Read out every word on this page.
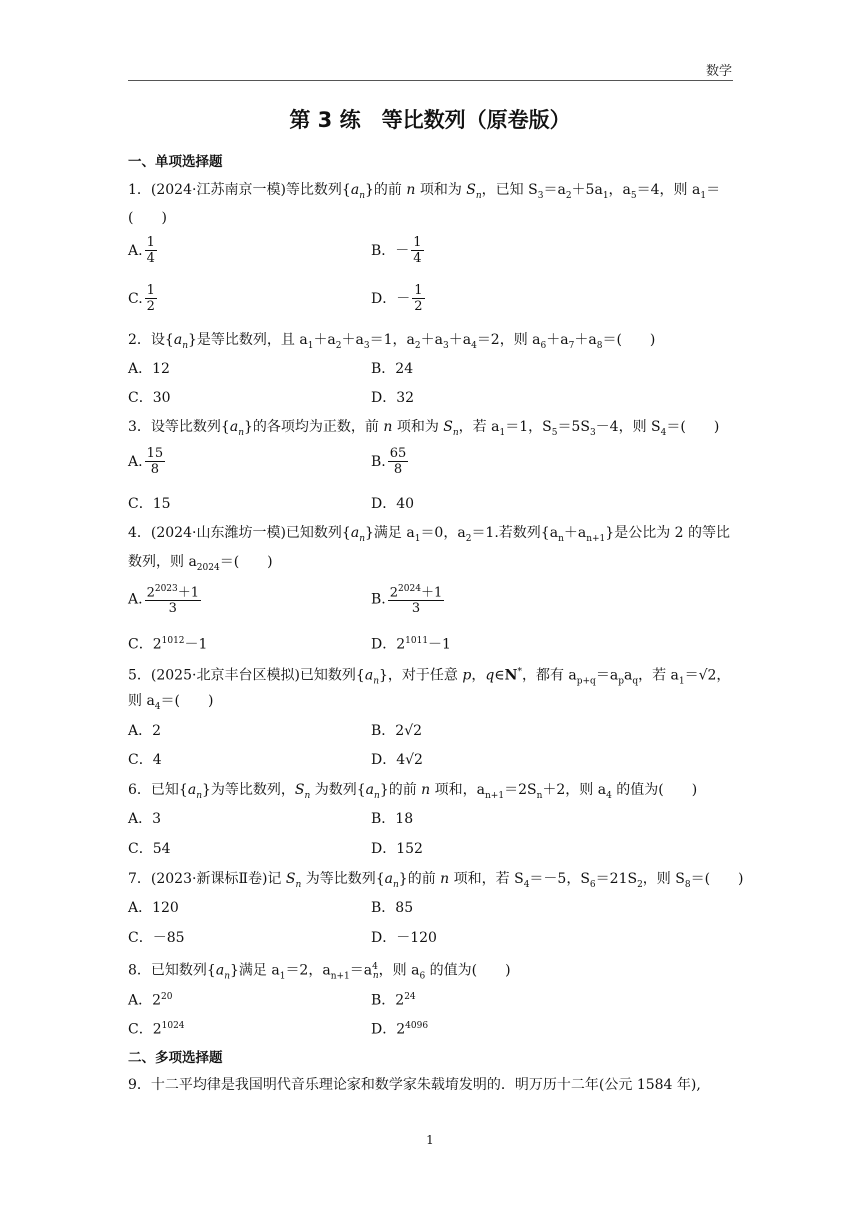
数学
第 3 练　等比数列（原卷版）
一、单项选择题
1．(2024·江苏南京一模)等比数列$\{a_n\}$的前 n 项和为 $S_n$，已知 $S_3=a_2+5a_1$，$a_5=4$，则 $a_1=$
(　　)
A. $\frac{1}{4}$	B．－ $\frac{1}{4}$
C. $\frac{1}{2}$	D．－ $\frac{1}{2}$
2．设$\{a_n\}$是等比数列，且 $a_1+a_2+a_3=1$，$a_2+a_3+a_4=2$，则 $a_6+a_7+a_8=$(　　)
A．12	B．24
C．30	D．32
3．设等比数列$\{a_n\}$的各项均为正数，前 n 项和为 $S_n$，若 $a_1=1$，$S_5=5S_3-4$，则 $S_4=$(　　)
A. $\frac{15}{8}$	B. $\frac{65}{8}$
C．15	D．40
4．(2024·山东潍坊一模)已知数列$\{a_n\}$满足 $a_1=0$，$a_2=1$.若数列$\{a_n+a_{n+1}\}$是公比为 2 的等比
数列，则 $a_{2024}=$(　　)
A. $\frac{2^{2023}+1}{3}$	B. $\frac{2^{2024}+1}{3}$
C．$2^{1012}-1$	D．$2^{1011}-1$
5．(2025·北京丰台区模拟)已知数列$\{a_n\}$，对于任意 p，q∈N*，都有 $a_{p+q}=a_pa_q$，若 $a_1=√2$，
则 $a_4=$(　　)
A．2	B．2√2
C．4	D．4√2
6．已知$\{a_n\}$为等比数列，$S_n$ 为数列$\{a_n\}$的前 n 项和，$a_{n+1}=2S_n+2$，则 $a_4$ 的值为(　　)
A．3	B．18
C．54	D．152
7．(2023·新课标Ⅱ卷)记 $S_n$ 为等比数列$\{a_n\}$的前 n 项和，若 $S_4=-5$，$S_6=21S_2$，则 $S_8=$(　　)
A．120	B．85
C．－85	D．－120
8．已知数列$\{a_n\}$满足 $a_1=2$，$a_{n+1}=a^4_n$，则 $a_6$ 的值为(　　)
A．$2^{20}$	B．$2^{24}$
C．$2^{1024}$	D．$2^{4096}$
二、多项选择题
9．十二平均律是我国明代音乐理论家和数学家朱载堉发明的．明万历十二年(公元 1584 年),
1
